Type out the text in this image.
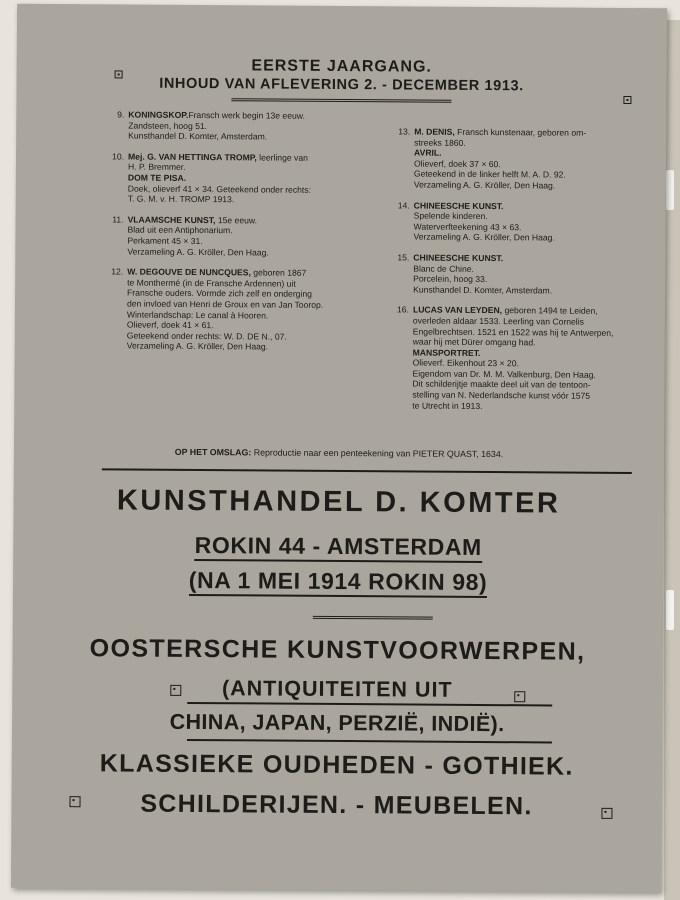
EERSTE JAARGANG.
INHOUD VAN AFLEVERING 2. - DECEMBER 1913.
9. KONINGSKOP.Fransch werk begin 13e eeuw.
Zandsteen, hoog 51.
Kunsthandel D. Komter, Amsterdam.
10. Mej. G. VAN HETTINGA TROMP, leerlinge van
H. P. Bremmer.
DOM TE PISA.
Doek, olieverf 41 × 34. Geteekend onder rechts:
T. G. M. v. H. TROMP 1913.
11. VLAAMSCHE KUNST, 15e eeuw.
Blad uit een Antiphonarium.
Perkament 45 × 31.
Verzameling A. G. Kröller, Den Haag.
12. W. DEGOUVE DE NUNCQUES, geboren 1867
te Monthermé (in de Fransche Ardennen) uit
Fransche ouders. Vormde zich zelf en onderging
den invloed van Henri de Groux en van Jan Toorop.
Winterlandschap: Le canal à Hooren.
Olieverf, doek 41 × 61.
Geteekend onder rechts: W. D. DE N., 07.
Verzameling A. G. Kröller, Den Haag.
13. M. DENIS, Fransch kunstenaar, geboren om-
streeks 1860.
AVRIL.
Olieverf, doek 37 × 60.
Geteekend in de linker helft M. A. D. 92.
Verzameling A. G. Kröller, Den Haag.
14. CHINEESCHE KUNST.
Spelende kinderen.
Waterverfteekening 43 × 63.
Verzameling A. G. Kröller, Den Haag.
15. CHINEESCHE KUNST.
Blanc de Chine.
Porcelein, hoog 33.
Kunsthandel D. Komter, Amsterdam.
16. LUCAS VAN LEYDEN, geboren 1494 te Leiden,
overleden aldaar 1533. Leerling van Cornelis
Engelbrechtsen. 1521 en 1522 was hij te Antwerpen,
waar hij met Dürer omgang had.
MANSPORTRET.
Olieverf. Eikenhout 23 × 20.
Eigendom van Dr. M. M. Valkenburg, Den Haag.
Dit schilderijtje maakte deel uit van de tentoon-
stelling van N. Nederlandsche kunst vóór 1575
te Utrecht in 1913.
OP HET OMSLAG: Reproductie naar een penteekening van PIETER QUAST, 1634.
KUNSTHANDEL D. KOMTER
ROKIN 44 - AMSTERDAM
(NA 1 MEI 1914 ROKIN 98)
OOSTERSCHE KUNSTVOORWERPEN,
(ANTIQUITEITEN UIT
CHINA, JAPAN, PERZIË, INDIË).
KLASSIEKE OUDHEDEN - GOTHIEK.
SCHILDERIJEN. - MEUBELEN.
